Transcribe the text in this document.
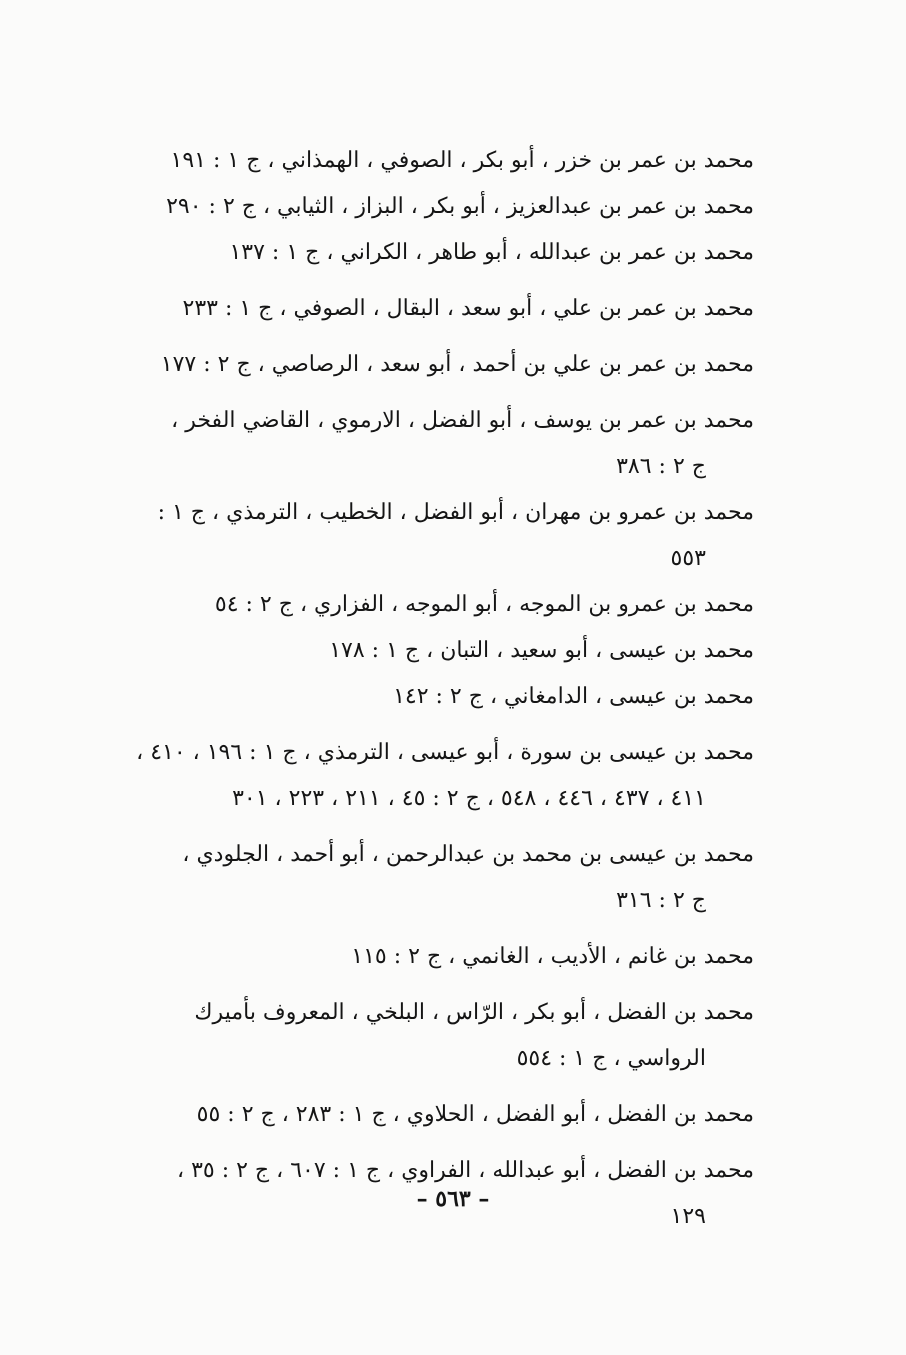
محمد بن عمر بن خزر ، أبو بكر ، الصوفي ، الهمذاني ، ج ١ : ١٩١
محمد بن عمر بن عبدالعزيز ، أبو بكر ، البزاز ، الثيابي ، ج ٢ : ٢٩٠
محمد بن عمر بن عبدالله ، أبو طاهر ، الكراني ، ج ١ : ١٣٧
محمد بن عمر بن علي ، أبو سعد ، البقال ، الصوفي ، ج ١ : ٢٣٣
محمد بن عمر بن علي بن أحمد ، أبو سعد ، الرصاصي ، ج ٢ : ١٧٧
محمد بن عمر بن يوسف ، أبو الفضل ، الارموي ، القاضي الفخر ،
ج ٢ : ٣٨٦
محمد بن عمرو بن مهران ، أبو الفضل ، الخطيب ، الترمذي ، ج ١ :
٥٥٣
محمد بن عمرو بن الموجه ، أبو الموجه ، الفزاري ، ج ٢ : ٥٤
محمد بن عيسى ، أبو سعيد ، التبان ، ج ١ : ١٧٨
محمد بن عيسى ، الدامغاني ، ج ٢ : ١٤٢
محمد بن عيسى بن سورة ، أبو عيسى ، الترمذي ، ج ١ : ١٩٦ ، ٤١٠ ،
٤١١ ، ٤٣٧ ، ٤٤٦ ، ٥٤٨ ، ج ٢ : ٤٥ ، ٢١١ ، ٢٢٣ ، ٣٠١
محمد بن عيسى بن محمد بن عبدالرحمن ، أبو أحمد ، الجلودي ،
ج ٢ : ٣١٦
محمد بن غانم ، الأديب ، الغانمي ، ج ٢ : ١١٥
محمد بن الفضل ، أبو بكر ، الرّاس ، البلخي ، المعروف بأميرك
الرواسي ، ج ١ : ٥٥٤
محمد بن الفضل ، أبو الفضل ، الحلاوي ، ج ١ : ٢٨٣ ، ج ٢ : ٥٥
محمد بن الفضل ، أبو عبدالله ، الفراوي ، ج ١ : ٦٠٧ ، ج ٢ : ٣٥ ،
١٢٩
– ٥٦٣ –
